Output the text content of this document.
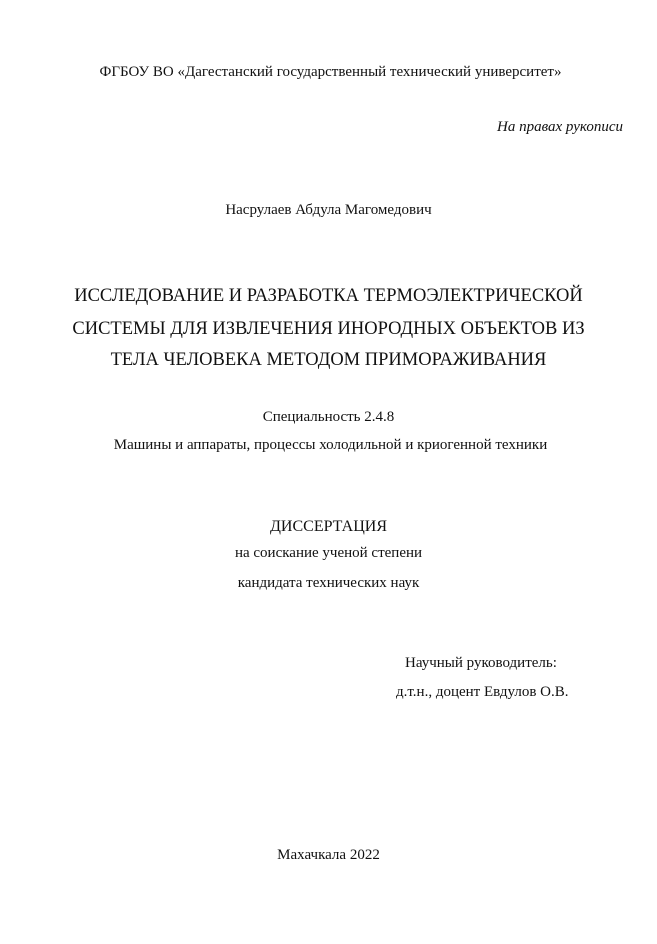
ФГБОУ ВО «Дагестанский государственный технический университет»
На правах рукописи
Насрулаев Абдула Магомедович
ИССЛЕДОВАНИЕ И РАЗРАБОТКА ТЕРМОЭЛЕКТРИЧЕСКОЙ
СИСТЕМЫ ДЛЯ ИЗВЛЕЧЕНИЯ ИНОРОДНЫХ ОБЪЕКТОВ ИЗ
ТЕЛА ЧЕЛОВЕКА МЕТОДОМ ПРИМОРАЖИВАНИЯ
Специальность 2.4.8
Машины и аппараты, процессы холодильной и криогенной техники
ДИССЕРТАЦИЯ
на соискание ученой степени
кандидата технических наук
Научный руководитель:
д.т.н., доцент Евдулов О.В.
Махачкала 2022
